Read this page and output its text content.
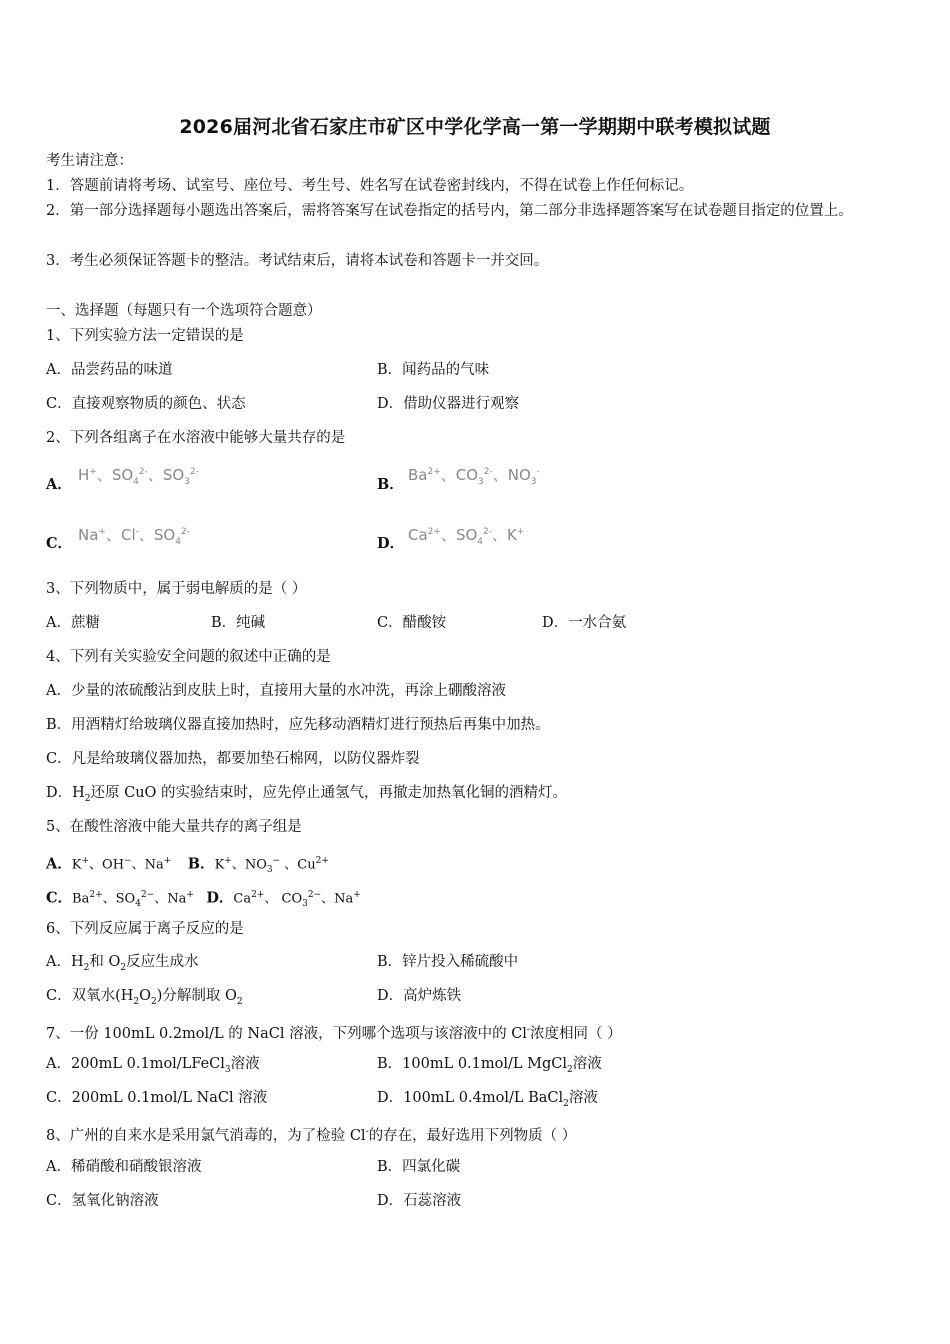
2026届河北省石家庄市矿区中学化学高一第一学期期中联考模拟试题
考生请注意：
1．答题前请将考场、试室号、座位号、考生号、姓名写在试卷密封线内，不得在试卷上作任何标记。
2．第一部分选择题每小题选出答案后，需将答案写在试卷指定的括号内，第二部分非选择题答案写在试卷题目指定的位置上。
3．考生必须保证答题卡的整洁。考试结束后，请将本试卷和答题卡一并交回。
一、选择题（每题只有一个选项符合题意）
1、下列实验方法一定错误的是
A．品尝药品的味道	B．闻药品的气味
C．直接观察物质的颜色、状态	D．借助仪器进行观察
2、下列各组离子在水溶液中能够大量共存的是
A．
H+、$SO_4^{2-}$、$SO_3^{2-}$
B．
$Ba^{2+}$、$CO_3^{2-}$、$NO_3^-$
C． Na+、Cl-、$SO_4^{2-}$
D． $Ca^{2+}$、$SO_4^{2-}$、K+
3、下列物质中，属于弱电解质的是（ ）
A．蔗糖	B．纯碱	C．醋酸铵	D．一水合氨
4、下列有关实验安全问题的叙述中正确的是
A．少量的浓硫酸沾到皮肤上时，直接用大量的水冲洗，再涂上硼酸溶液
B．用酒精灯给玻璃仪器直接加热时，应先移动酒精灯进行预热后再集中加热。
C．凡是给玻璃仪器加热，都要加垫石棉网，以防仪器炸裂
D．$H_2$还原 CuO 的实验结束时，应先停止通氢气，再撤走加热氧化铜的酒精灯。
5、在酸性溶液中能大量共存的离子组是
A．K+、OH−、Na+ B．K+、$NO_3^-$ 、$Cu^{2+}$
C．$Ba^{2+}$、$SO_4^{2-}$、Na+ D．$Ca^{2+}$、 $CO_3^{2-}$、Na+
6、下列反应属于离子反应的是
A．$H_2$和 $O_2$反应生成水	B．锌片投入稀硫酸中
C．双氧水$(H_2O_2)$分解制取 $O_2$	D．高炉炼铁
7、一份 100mL 0.2mol/L 的 NaCl 溶液，下列哪个选项与该溶液中的 Cl-浓度相同（ ）
A．200mL 0.1mol/LFeCl$_3$溶液	B．100mL 0.1mol/L MgCl$_2$溶液
C．200mL 0.1mol/L NaCl 溶液	D．100mL 0.4mol/L BaCl$_2$溶液
8、广州的自来水是采用氯气消毒的，为了检验 Cl-的存在，最好选用下列物质（ ）
A．稀硝酸和硝酸银溶液	B．四氯化碳
C．氢氧化钠溶液	D．石蕊溶液
